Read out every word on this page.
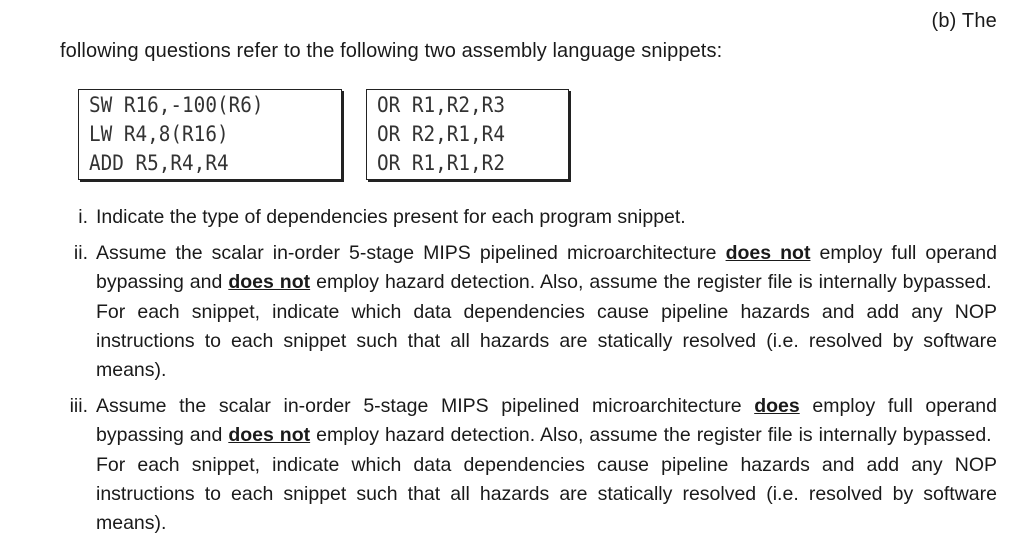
(b) The
following questions refer to the following two assembly language snippets:
SW R16,-100(R6)
LW R4,8(R16)
ADD R5,R4,R4
OR R1,R2,R3
OR R2,R1,R4
OR R1,R1,R2
i. Indicate the type of dependencies present for each program snippet.
ii. Assume the scalar in-order 5-stage MIPS pipelined microarchitecture does not employ full operand bypassing and does not employ hazard detection. Also, assume the register file is internally bypassed.  For each snippet, indicate which data dependencies cause pipeline hazards and add any NOP instructions to each snippet such that all hazards are statically resolved (i.e. resolved by software means).
iii. Assume the scalar in-order 5-stage MIPS pipelined microarchitecture does employ full operand bypassing and does not employ hazard detection. Also, assume the register file is internally bypassed.  For each snippet, indicate which data dependencies cause pipeline hazards and add any NOP instructions to each snippet such that all hazards are statically resolved (i.e. resolved by software means).
